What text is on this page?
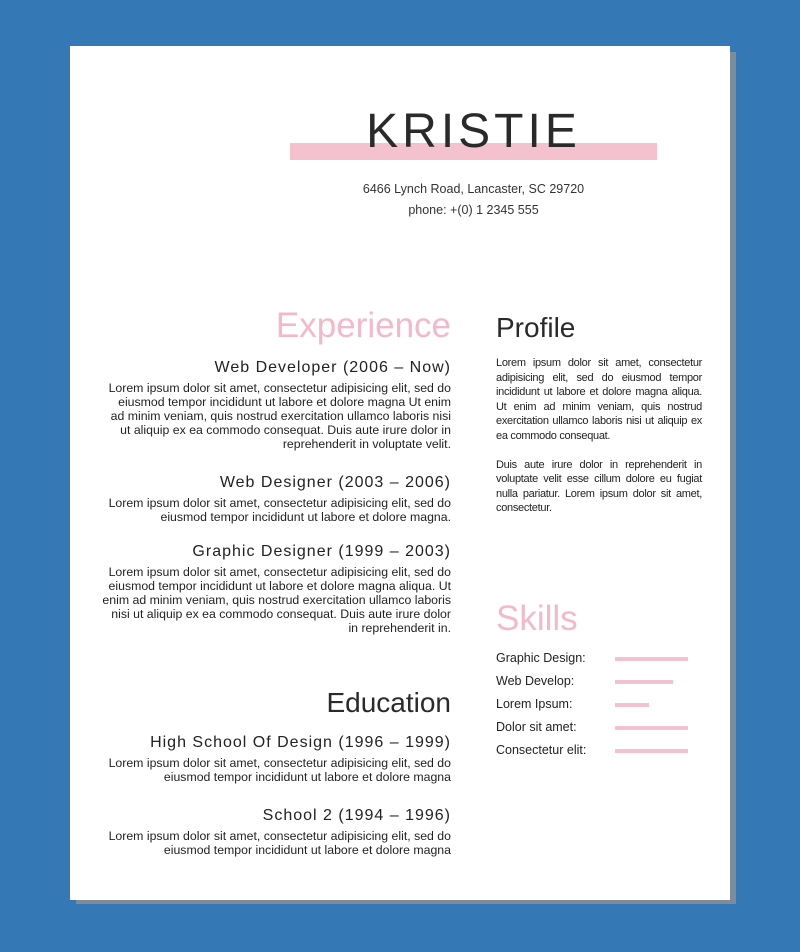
KRISTIE
6466 Lynch Road, Lancaster, SC 29720
phone: +(0) 1 2345 555
Experience
Web Developer (2006 – Now)

Lorem ipsum dolor sit amet, consectetur adipisicing elit, sed do
eiusmod tempor incididunt ut labore et dolore magna Ut enim
ad minim veniam, quis nostrud exercitation ullamco laboris nisi
ut aliquip ex ea commodo consequat. Duis aute irure dolor in
reprehenderit in voluptate velit.

Web Designer (2003 – 2006)

Lorem ipsum dolor sit amet, consectetur adipisicing elit, sed do
eiusmod tempor incididunt ut labore et dolore magna.

Graphic Designer (1999 – 2003)

Lorem ipsum dolor sit amet, consectetur adipisicing elit, sed do
eiusmod tempor incididunt ut labore et dolore magna aliqua. Ut
enim ad minim veniam, quis nostrud exercitation ullamco laboris
nisi ut aliquip ex ea commodo consequat. Duis aute irure dolor
in reprehenderit in.

Education
High School Of Design (1996 – 1999)

Lorem ipsum dolor sit amet, consectetur adipisicing elit, sed do
eiusmod tempor incididunt ut labore et dolore magna

School 2 (1994 – 1996)

Lorem ipsum dolor sit amet, consectetur adipisicing elit, sed do
eiusmod tempor incididunt ut labore et dolore magna

Profile

Lorem ipsum dolor sit amet, consectetur adipisicing elit, sed do eiusmod tempor incididunt ut labore et dolore magna aliqua. Ut enim ad minim veniam, quis nostrud exercitation ullamco laboris nisi ut aliquip ex ea commodo consequat.

Duis aute irure dolor in reprehenderit in voluptate velit esse cillum dolore eu fugiat nulla pariatur. Lorem ipsum dolor sit amet, consectetur.

Skills
Graphic Design:
Web Develop:
Lorem Ipsum:
Dolor sit amet:
Consectetur elit:
